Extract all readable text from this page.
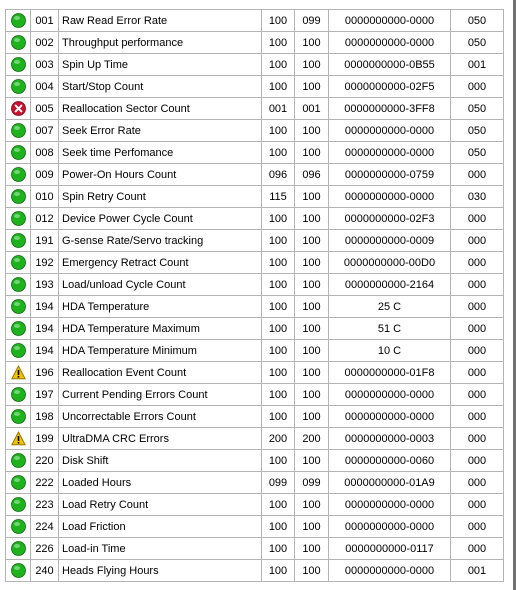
	001	Raw Read Error Rate	100	099	0000000000-0000	050

	002	Throughput performance	100	100	0000000000-0000	050

	003	Spin Up Time	100	100	0000000000-0B55	001

	004	Start/Stop Count	100	100	0000000000-02F5	000

	005	Reallocation Sector Count	001	001	0000000000-3FF8	050

	007	Seek Error Rate	100	100	0000000000-0000	050

	008	Seek time Perfomance	100	100	0000000000-0000	050

	009	Power-On Hours Count	096	096	0000000000-0759	000

	010	Spin Retry Count	115	100	0000000000-0000	030

	012	Device Power Cycle Count	100	100	0000000000-02F3	000

	191	G-sense Rate/Servo tracking	100	100	0000000000-0009	000

	192	Emergency Retract Count	100	100	0000000000-00D0	000

	193	Load/unload Cycle Count	100	100	0000000000-2164	000

	194	HDA Temperature	100	100	25 C	000

	194	HDA Temperature Maximum	100	100	51 C	000

	194	HDA Temperature Minimum	100	100	10 C	000

	196	Reallocation Event Count	100	100	0000000000-01F8	000

	197	Current Pending Errors Count	100	100	0000000000-0000	000

	198	Uncorrectable Errors Count	100	100	0000000000-0000	000

	199	UltraDMA CRC Errors	200	200	0000000000-0003	000

	220	Disk Shift	100	100	0000000000-0060	000

	222	Loaded Hours	099	099	0000000000-01A9	000

	223	Load Retry Count	100	100	0000000000-0000	000

	224	Load Friction	100	100	0000000000-0000	000

	226	Load-in Time	100	100	0000000000-0117	000

	240	Heads Flying Hours	100	100	0000000000-0000	001
